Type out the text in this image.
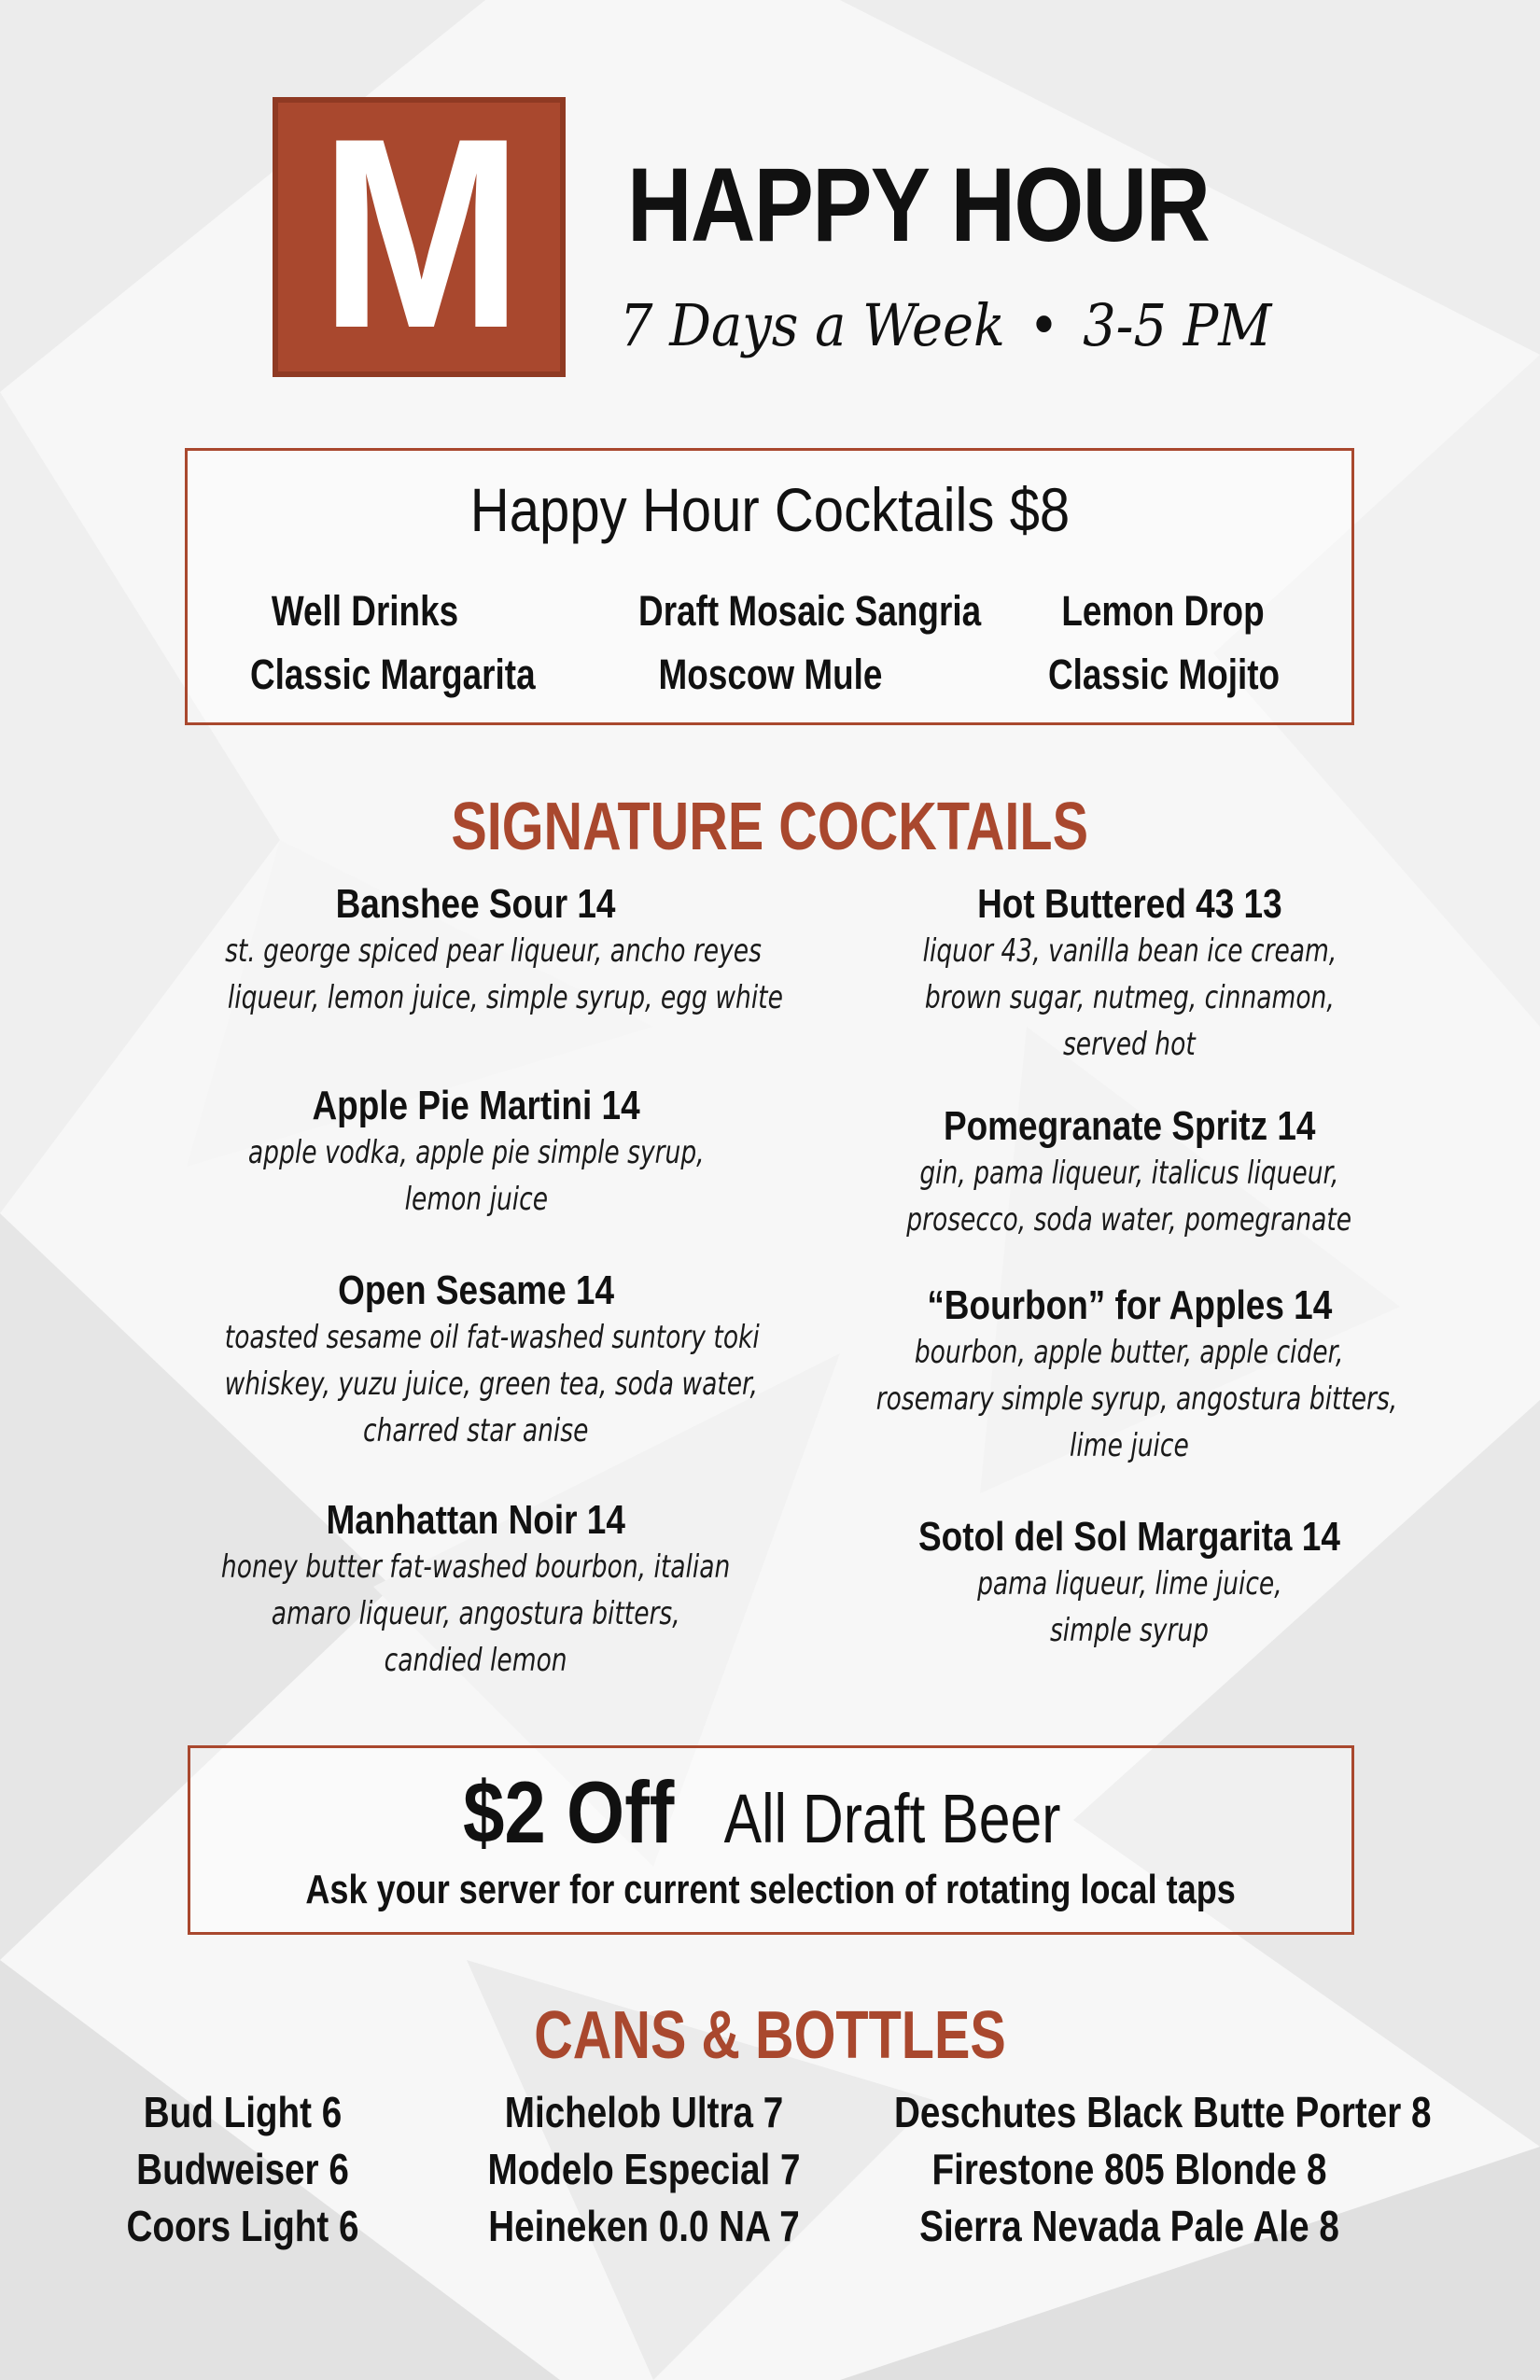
M HAPPY HOUR
7 Days a Week • 3-5 PM
Happy Hour Cocktails $8
Well Drinks
Classic Margarita
Draft Mosaic Sangria
Moscow Mule
Lemon Drop
Classic Mojito
SIGNATURE COCKTAILS
Banshee Sour 14
st. george spiced pear liqueur, ancho reyes
liqueur, lemon juice, simple syrup, egg white
Apple Pie Martini 14
apple vodka, apple pie simple syrup,
lemon juice
Open Sesame 14
toasted sesame oil fat-washed suntory toki
whiskey, yuzu juice, green tea, soda water,
charred star anise
Manhattan Noir 14
honey butter fat-washed bourbon, italian
amaro liqueur, angostura bitters,
candied lemon
Hot Buttered 43 13
liquor 43, vanilla bean ice cream,
brown sugar, nutmeg, cinnamon,
served hot
Pomegranate Spritz 14
gin, pama liqueur, italicus liqueur,
prosecco, soda water, pomegranate
“Bourbon” for Apples 14
bourbon, apple butter, apple cider,
rosemary simple syrup, angostura bitters,
lime juice
Sotol del Sol Margarita 14
pama liqueur, lime juice,
simple syrup
$2 Off All Draft Beer
Ask your server for current selection of rotating local taps
CANS & BOTTLES
Bud Light 6
Budweiser 6
Coors Light 6
Michelob Ultra 7
Modelo Especial 7
Heineken 0.0 NA 7
Deschutes Black Butte Porter 8
Firestone 805 Blonde 8
Sierra Nevada Pale Ale 8
